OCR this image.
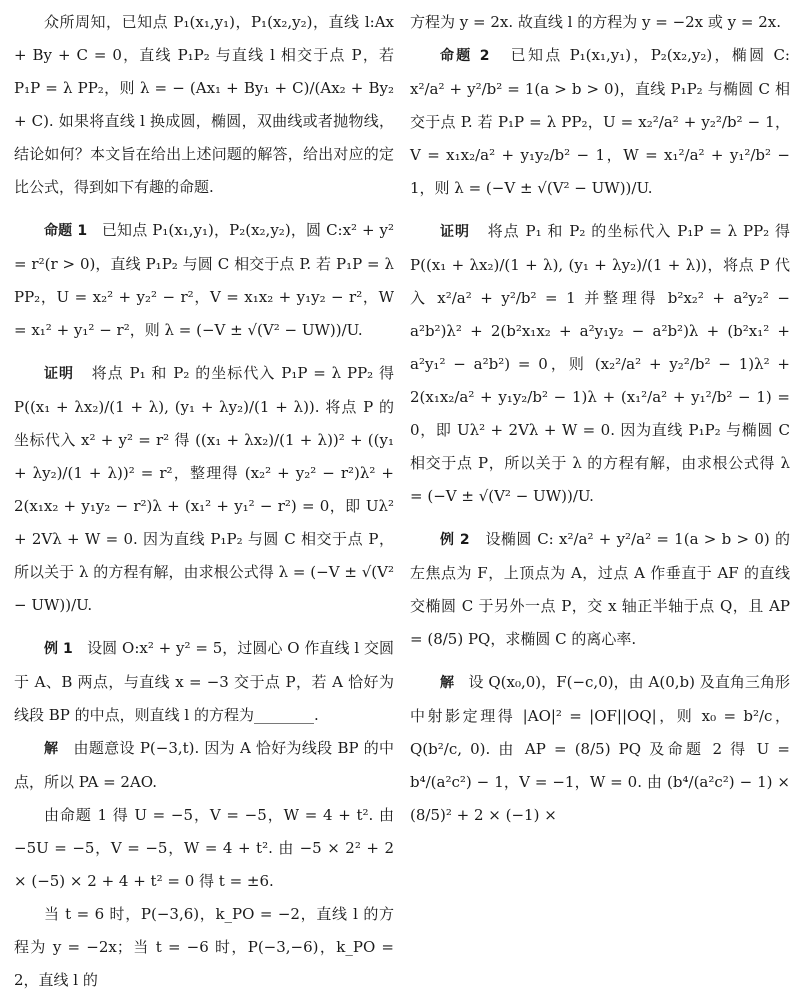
众所周知，已知点 P₁(x₁,y₁)，P₁(x₂,y₂)，直线 l:Ax + By + C = 0，直线 P₁P₂ 与直线 l 相交于点 P，若 P₁P = λ PP₂，则 λ = − (Ax₁ + By₁ + C)/(Ax₂ + By₂ + C). 如果将直线 l 换成圆，椭圆，双曲线或者抛物线，结论如何？本文旨在给出上述问题的解答，给出对应的定比公式，得到如下有趣的命题.

命题 1 已知点 P₁(x₁,y₁)，P₂(x₂,y₂)，圆 C:x² + y² = r²(r > 0)，直线 P₁P₂ 与圆 C 相交于点 P. 若 P₁P = λ PP₂，U = x₂² + y₂² − r²，V = x₁x₂ + y₁y₂ − r²，W = x₁² + y₁² − r²，则 λ = (−V ± √(V² − UW))/U.

证明 将点 P₁ 和 P₂ 的坐标代入 P₁P = λ PP₂ 得 P((x₁ + λx₂)/(1 + λ), (y₁ + λy₂)/(1 + λ)). 将点 P 的坐标代入 x² + y² = r² 得 ((x₁ + λx₂)/(1 + λ))² + ((y₁ + λy₂)/(1 + λ))² = r²，整理得 (x₂² + y₂² − r²)λ² + 2(x₁x₂ + y₁y₂ − r²)λ + (x₁² + y₁² − r²) = 0，即 Uλ² + 2Vλ + W = 0. 因为直线 P₁P₂ 与圆 C 相交于点 P，所以关于 λ 的方程有解，由求根公式得 λ = (−V ± √(V² − UW))/U.

例 1 设圆 O:x² + y² = 5，过圆心 O 作直线 l 交圆于 A、B 两点，与直线 x = −3 交于点 P，若 A 恰好为线段 BP 的中点，则直线 l 的方程为________.

解 由题意设 P(−3,t). 因为 A 恰好为线段 BP 的中点，所以 PA = 2AO.

由命题 1 得 U = −5，V = −5，W = 4 + t². 由 −5U = −5，V = −5，W = 4 + t². 由 −5 × 2² + 2 × (−5) × 2 + 4 + t² = 0 得 t = ±6.

当 t = 6 时，P(−3,6)，k_PO = −2，直线 l 的方程为 y = −2x；当 t = −6 时，P(−3,−6)，k_PO = 2，直线 l 的

方程为 y = 2x. 故直线 l 的方程为 y = −2x 或 y = 2x.

命题 2 已知点 P₁(x₁,y₁)，P₂(x₂,y₂)，椭圆 C: x²/a² + y²/b² = 1(a > b > 0)，直线 P₁P₂ 与椭圆 C 相交于点 P. 若 P₁P = λ PP₂，U = x₂²/a² + y₂²/b² − 1，V = x₁x₂/a² + y₁y₂/b² − 1，W = x₁²/a² + y₁²/b² − 1，则 λ = (−V ± √(V² − UW))/U.

证明 将点 P₁ 和 P₂ 的坐标代入 P₁P = λ PP₂ 得 P((x₁ + λx₂)/(1 + λ), (y₁ + λy₂)/(1 + λ))，将点 P 代入 x²/a² + y²/b² = 1 并整理得 b²x₂² + a²y₂² − a²b²)λ² + 2(b²x₁x₂ + a²y₁y₂ − a²b²)λ + (b²x₁² + a²y₁² − a²b²) = 0，则 (x₂²/a² + y₂²/b² − 1)λ² + 2(x₁x₂/a² + y₁y₂/b² − 1)λ + (x₁²/a² + y₁²/b² − 1) = 0，即 Uλ² + 2Vλ + W = 0. 因为直线 P₁P₂ 与椭圆 C 相交于点 P，所以关于 λ 的方程有解，由求根公式得 λ = (−V ± √(V² − UW))/U.

例 2 设椭圆 C: x²/a² + y²/a² = 1(a > b > 0) 的左焦点为 F，上顶点为 A，过点 A 作垂直于 AF 的直线交椭圆 C 于另外一点 P，交 x 轴正半轴于点 Q，且 AP = (8/5) PQ，求椭圆 C 的离心率.

解 设 Q(x₀,0)，F(−c,0)，由 A(0,b) 及直角三角形中射影定理得 |AO|² = |OF||OQ|，则 x₀ = b²/c，Q(b²/c, 0). 由 AP = (8/5) PQ 及命题 2 得 U = b⁴/(a²c²) − 1，V = −1，W = 0. 由 (b⁴/(a²c²) − 1) × (8/5)² + 2 × (−1) ×
